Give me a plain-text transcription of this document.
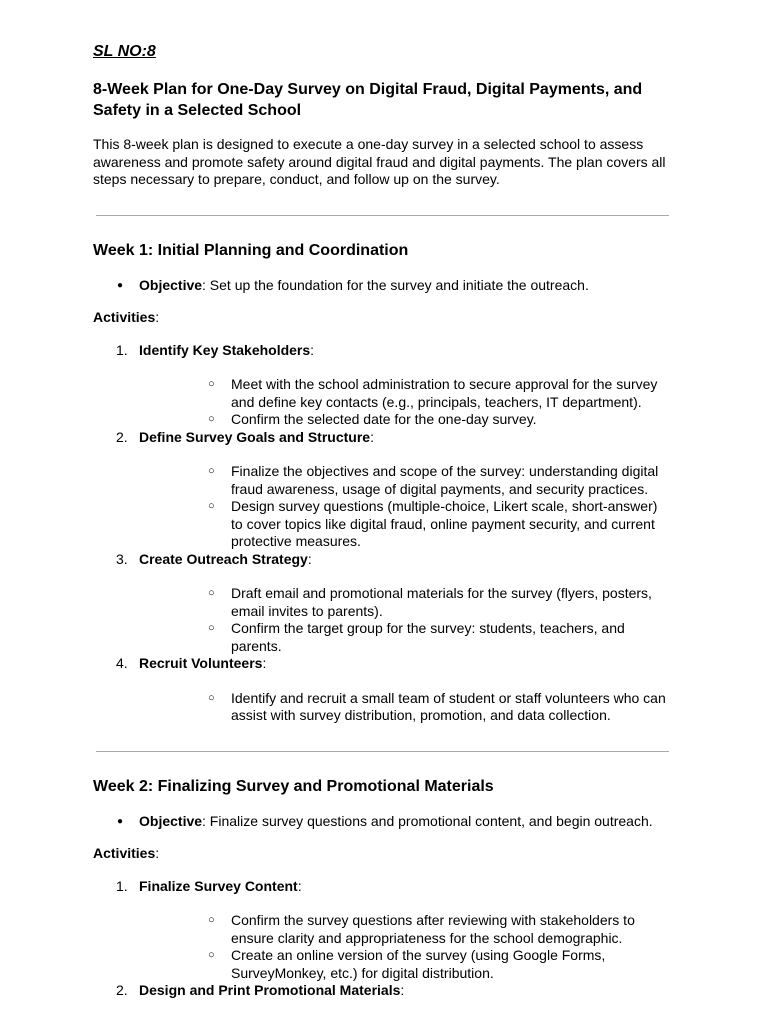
SL NO:8

8-Week Plan for One-Day Survey on Digital Fraud, Digital Payments, and Safety in a Selected School

This 8-week plan is designed to execute a one-day survey in a selected school to assess awareness and promote safety around digital fraud and digital payments. The plan covers all steps necessary to prepare, conduct, and follow up on the survey.

Week 1: Initial Planning and Coordination
● Objective: Set up the foundation for the survey and initiate the outreach.

Activities:

1. Identify Key Stakeholders:
○ Meet with the school administration to secure approval for the survey and define key contacts (e.g., principals, teachers, IT department).
○ Confirm the selected date for the one-day survey.
2. Define Survey Goals and Structure:
○ Finalize the objectives and scope of the survey: understanding digital fraud awareness, usage of digital payments, and security practices.
○ Design survey questions (multiple-choice, Likert scale, short-answer) to cover topics like digital fraud, online payment security, and current protective measures.
3. Create Outreach Strategy:
○ Draft email and promotional materials for the survey (flyers, posters, email invites to parents).
○ Confirm the target group for the survey: students, teachers, and parents.
4. Recruit Volunteers:
○ Identify and recruit a small team of student or staff volunteers who can assist with survey distribution, promotion, and data collection.
Week 2: Finalizing Survey and Promotional Materials
● Objective: Finalize survey questions and promotional content, and begin outreach.

Activities:

1. Finalize Survey Content:
○ Confirm the survey questions after reviewing with stakeholders to ensure clarity and appropriateness for the school demographic.
○ Create an online version of the survey (using Google Forms, SurveyMonkey, etc.) for digital distribution.
2. Design and Print Promotional Materials:
